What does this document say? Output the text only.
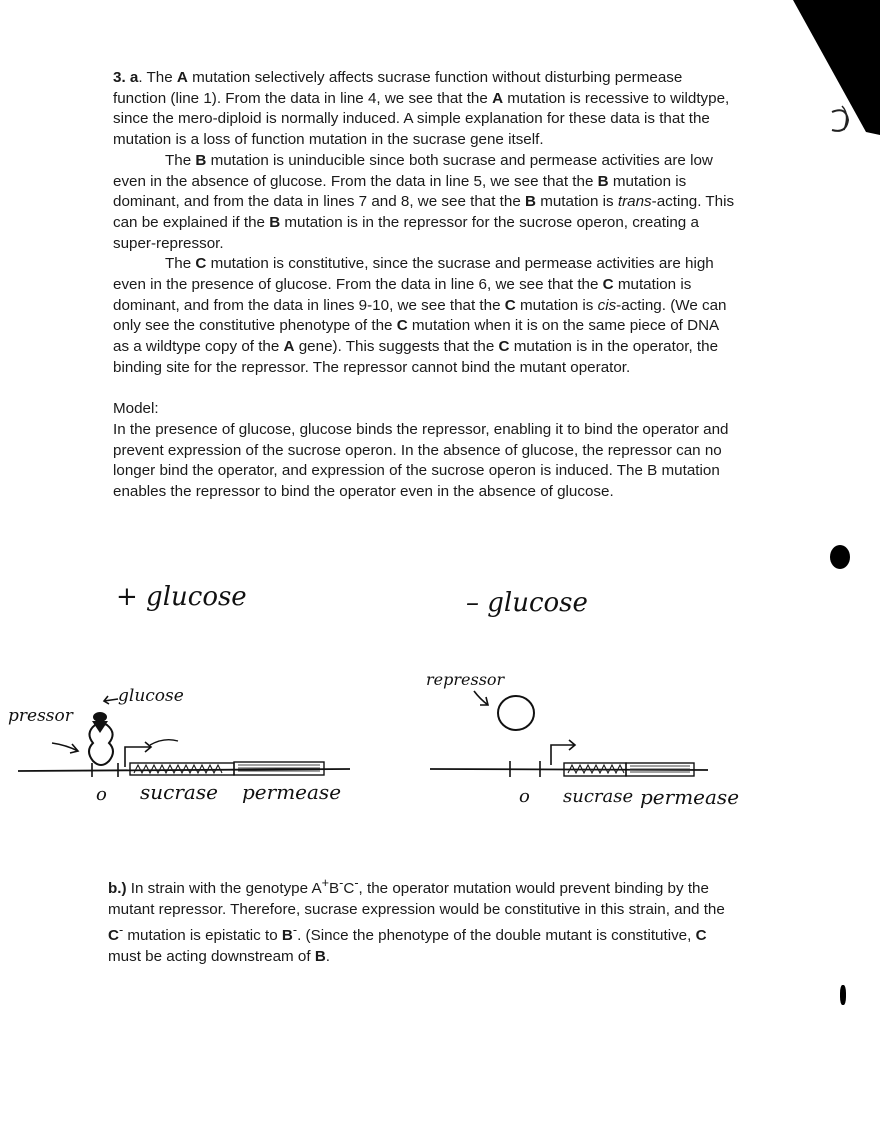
3. a. The A mutation selectively affects sucrase function without disturbing permease function (line 1). From the data in line 4, we see that the A mutation is recessive to wildtype, since the mero-diploid is normally induced. A simple explanation for these data is that the mutation is a loss of function mutation in the sucrase gene itself.

The B mutation is uninducible since both sucrase and permease activities are low even in the absence of glucose. From the data in line 5, we see that the B mutation is dominant, and from the data in lines 7 and 8, we see that the B mutation is trans-acting. This can be explained if the B mutation is in the repressor for the sucrose operon, creating a super-repressor.

The C mutation is constitutive, since the sucrase and permease activities are high even in the presence of glucose. From the data in line 6, we see that the C mutation is dominant, and from the data in lines 9-10, we see that the C mutation is cis-acting. (We can only see the constitutive phenotype of the C mutation when it is on the same piece of DNA as a wildtype copy of the A gene). This suggests that the C mutation is in the operator, the binding site for the repressor. The repressor cannot bind the mutant operator.

Model:

In the presence of glucose, glucose binds the repressor, enabling it to bind the operator and prevent expression of the sucrose operon. In the absence of glucose, the repressor can no longer bind the operator, and expression of the sucrose operon is induced. The B mutation enables the repressor to bind the operator even in the absence of glucose.

+ glucose
pressor
glucose
o sucrase permease
– glucose
repressor
o sucrase permease

b.) In strain with the genotype A+B-C-, the operator mutation would prevent binding by the mutant repressor. Therefore, sucrase expression would be constitutive in this strain, and the C- mutation is epistatic to B-. (Since the phenotype of the double mutant is constitutive, C must be acting downstream of B.
